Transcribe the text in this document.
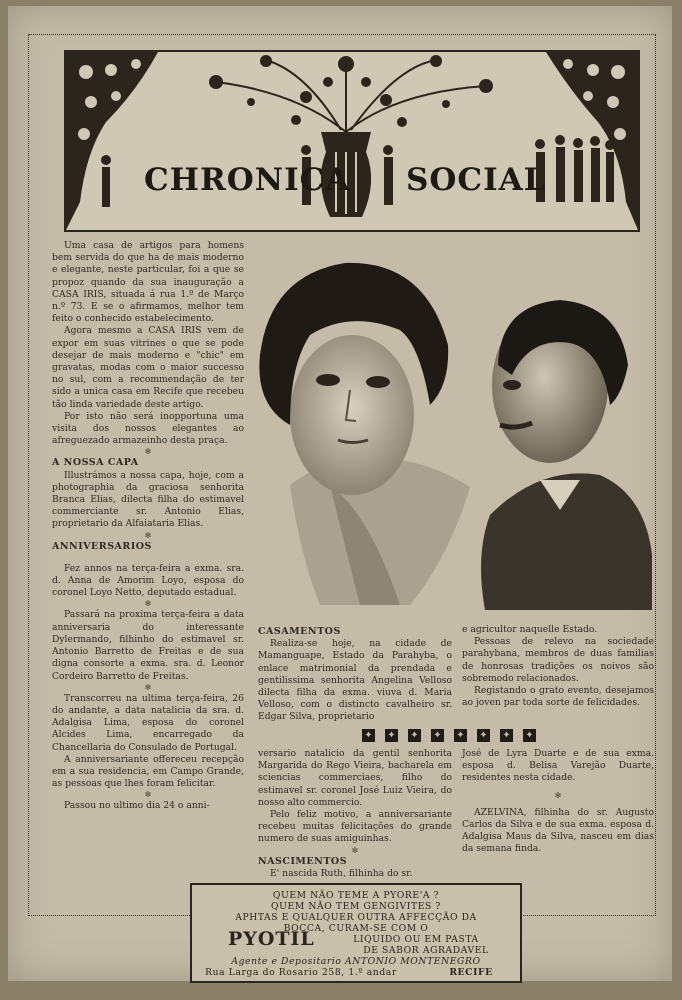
CHRONICA SOCIAL

Uma casa de artigos para homens bem servida do que ha de mais moderno e elegante, neste particular, foi a que se propoz quando da sua inauguração a CASA IRIS, situada á rua 1.º de Março n.º 73. E se o afirmamos, melhor tem feito o conhecido estabelecimento.

Agora mesmo a CASA IRIS vem de expor em suas vitrines o que se pode desejar de mais moderno e "chic" em gravatas, modas com o maior successo no sul, com a recommendação de ter sido a unica casa em Recife que recebeu tão linda variedade deste artigo.

Por isto não será inopportuna uma visita dos nossos elegantes ao afreguezado armazeinho desta praça.

✻

A NOSSA CAPA

Illustrámos a nossa capa, hoje, com a photographia da graciosa senhorita Branca Elias, dilecta filha do estimavel commerciante sr. Antonio Elias, proprietario da Alfaiataria Elias.

✻

ANNIVERSARIOS

Fez annos na terça-feira a exma. sra. d. Anna de Amorim Loyo, esposa do coronel Loyo Netto, deputado estadual.

✻

Passará na proxima terça-feira a data anniversaria do interessante Dylermando, filhinho do estimavel sr. Antonio Barretto de Freitas e de sua digna consorte a exma. sra. d. Leonor Cordeiro Barretto de Freitas.

✻

Transcorreu na ultima terça-feira, 26 do andante, a data natalicia da sra. d. Adalgisa Lima, esposa do coronel Alcides Lima, encarregado da Chancellaria do Consulado de Portugal.

A anniversariante offereceu recepção em a sua residencia, em Campo Grande, as pessoas que lhes foram felicitar.

✻

Passou no ultimo dia 24 o anni-

CASAMENTOS

Realiza-se hoje, na cidade de Mamanguape, Estado da Parahyba, o enlace matrimonial da prendada e gentilissima senhorita Angelina Velloso dilecta filha da exma. viuva d. Maria Velloso, com o distincto cavalheiro sr. Edgar Silva, proprietario

versario natalicio da gentil senhorita Margarida do Rego Vieira, bacharela em sciencias commerciaes, filho do estimavel sr. coronel José Luiz Vieira, do nosso alto commercio.

Pelo feliz motivo, a anniversariante recebeu muitas felicitações do grande numero de suas amiguinhas.

✻

NASCIMENTOS

E' nascida Ruth, filhinha do sr.

e agricultor naquelle Estado.

Pessoas de relevo na sociedade parahybana, membros de duas familias de honrosas tradições os noivos são sobremodo relacionados.

Registando o grato evento, desejamos ao joven par toda sorte de felicidades.

✦ ✦ ✦ ✦ ✦ ✦ ✦ ✦

José de Lyra Duarte e de sua exma. esposa d. Belisa Varejão Duarte, residentes nesta cidade.

✻

AZELVINA, filhinha do sr. Augusto Carlos da Silva e de sua exma. esposa d. Adalgisa Maus da Silva, nasceu em dias da semana finda.

QUEM NÃO TEME A PYORE'A ?
QUEM NÃO TEM GENGIVITES ?
APHTAS E QUALQUER OUTRA AFFECÇÃO DA
BOCCA, CURAM-SE COM O
PYOTIL	LIQUIDO OU EM PASTA
DE SABOR AGRADAVEL
Agente e Depositario ANTONIO MONTENEGRO
Rua Larga do Rosario 258, 1.º andar	RECIFE
